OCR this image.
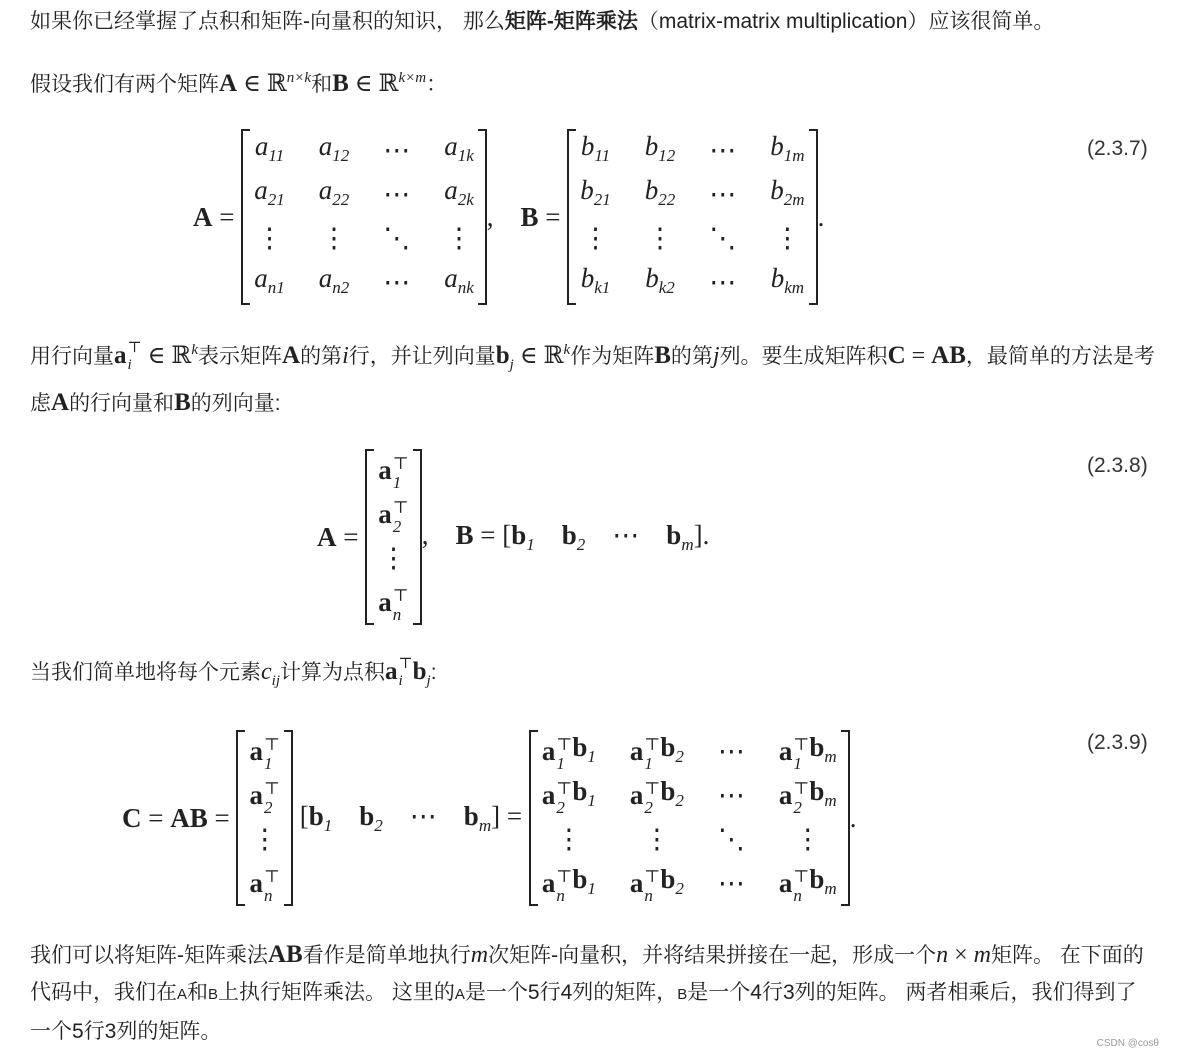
如果你已经掌握了点积和矩阵-向量积的知识， 那么矩阵-矩阵乘法（matrix-matrix multiplication）应该很简单。
假设我们有两个矩阵A ∈ ℝ$^{n\times k}$和B ∈ ℝ$^{k\times m}$：
A =
$a_{11}$ $a_{12}$ ⋯ $a_{1k}$
$a_{21}$ $a_{22}$ ⋯ $a_{2k}$
⋮ ⋮ ⋱ ⋮
$a_{n1}$ $a_{n2}$ ⋯ $a_{nk}$
, B =
$b_{11}$ $b_{12}$ ⋯ $b_{1m}$
$b_{21}$ $b_{22}$ ⋯ $b_{2m}$
⋮ ⋮ ⋱ ⋮
$b_{k1}$ $b_{k2}$ ⋯ $b_{km}$
.
(2.3.7)
用行向量a ⊤
i ∈ ℝ$^k$表示矩阵A的第i行，并让列向量$b_j$ ∈ ℝ$^k$作为矩阵B的第j列。要生成矩阵积C = AB，最简单的方法是考虑A的行向量和B的列向量:
A =
a ⊤
1
a ⊤
2
⋮
a ⊤
n
, $B = [b_1$ $b_2$    ⋯    $b_m$].
(2.3.8)
当我们简单地将每个元素$c_{ij}$计算为点积a ⊤
i $b_j$:
C = AB =
a ⊤
1
a ⊤
2
⋮
a ⊤
n
[$b_1$ $b_2$    ⋯    $b_m$] =
a ⊤
1
$b_1$ a ⊤
1
$b_2$ ⋯ a ⊤
1
$b_m$
a ⊤
2
$b_1$ a ⊤
2
$b_2$ ⋯ a ⊤
2
$b_m$
⋮ ⋮ ⋱ ⋮
a ⊤
n
$b_1$ a ⊤
n
$b_2$ ⋯ a ⊤
n
$b_m$
.
(2.3.9)
我们可以将矩阵-矩阵乘法AB看作是简单地执行m次矩阵-向量积，并将结果拼接在一起，形成一个n × m矩阵。 在下面的代码中，我们在A和B上执行矩阵乘法。 这里的A是一个5行4列的矩阵，B是一个4行3列的矩阵。 两者相乘后，我们得到了一个5行3列的矩阵。
CSDN @cosθ
